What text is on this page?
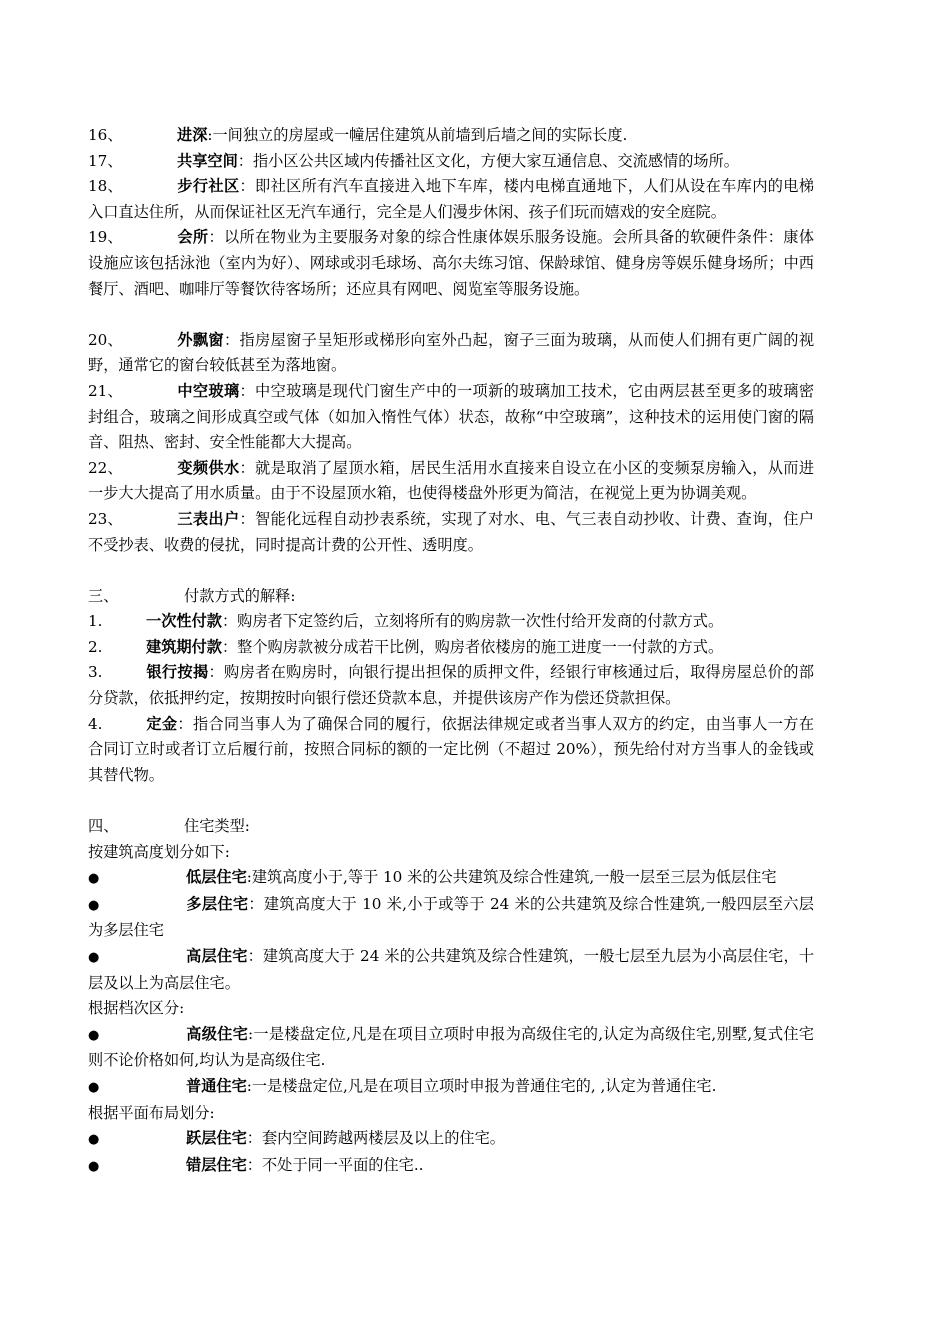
16、	进深:一间独立的房屋或一幢居住建筑从前墙到后墙之间的实际长度.

17、	共享空间：指小区公共区域内传播社区文化，方便大家互通信息、交流感情的场所。

18、	步行社区：即社区所有汽车直接进入地下车库，楼内电梯直通地下，人们从设在车库内的电梯入口直达住所，从而保证社区无汽车通行，完全是人们漫步休闲、孩子们玩而嬉戏的安全庭院。

19、	会所：以所在物业为主要服务对象的综合性康体娱乐服务设施。会所具备的软硬件条件：康体设施应该包括泳池（室内为好）、网球或羽毛球场、高尔夫练习馆、保龄球馆、健身房等娱乐健身场所；中西餐厅、酒吧、咖啡厅等餐饮待客场所；还应具有网吧、阅览室等服务设施。

20、	外飘窗：指房屋窗子呈矩形或梯形向室外凸起，窗子三面为玻璃，从而使人们拥有更广阔的视野，通常它的窗台较低甚至为落地窗。

21、	中空玻璃：中空玻璃是现代门窗生产中的一项新的玻璃加工技术，它由两层甚至更多的玻璃密封组合，玻璃之间形成真空或气体（如加入惰性气体）状态，故称“中空玻璃”，这种技术的运用使门窗的隔音、阻热、密封、安全性能都大大提高。

22、	变频供水：就是取消了屋顶水箱，居民生活用水直接来自设立在小区的变频泵房输入，从而进一步大大提高了用水质量。由于不设屋顶水箱，也使得楼盘外形更为简洁，在视觉上更为协调美观。

23、	三表出户：智能化远程自动抄表系统，实现了对水、电、气三表自动抄收、计费、查询，住户不受抄表、收费的侵扰，同时提高计费的公开性、透明度。

三、	付款方式的解释:

1.	一次性付款：购房者下定签约后，立刻将所有的购房款一次性付给开发商的付款方式。

2.	建筑期付款：整个购房款被分成若干比例，购房者依楼房的施工进度一一付款的方式。

3.	银行按揭：购房者在购房时，向银行提出担保的质押文件，经银行审核通过后，取得房屋总价的部分贷款，依抵押约定，按期按时向银行偿还贷款本息，并提供该房产作为偿还贷款担保。

4.	定金：指合同当事人为了确保合同的履行，依据法律规定或者当事人双方的约定，由当事人一方在合同订立时或者订立后履行前，按照合同标的额的一定比例（不超过 20%），预先给付对方当事人的金钱或其替代物。

四、	住宅类型:

按建筑高度划分如下:

●	低层住宅:建筑高度小于,等于 10 米的公共建筑及综合性建筑,一般一层至三层为低层住宅

●	多层住宅：建筑高度大于 10 米,小于或等于 24 米的公共建筑及综合性建筑,一般四层至六层为多层住宅

●	高层住宅：建筑高度大于 24 米的公共建筑及综合性建筑，一般七层至九层为小高层住宅，十层及以上为高层住宅。

根据档次区分:

●	高级住宅:一是楼盘定位,凡是在项目立项时申报为高级住宅的,认定为高级住宅,别墅,复式住宅则不论价格如何,均认为是高级住宅.

●	普通住宅:一是楼盘定位,凡是在项目立项时申报为普通住宅的, ,认定为普通住宅.

根据平面布局划分:

●	跃层住宅：套内空间跨越两楼层及以上的住宅。

●	错层住宅：不处于同一平面的住宅..
